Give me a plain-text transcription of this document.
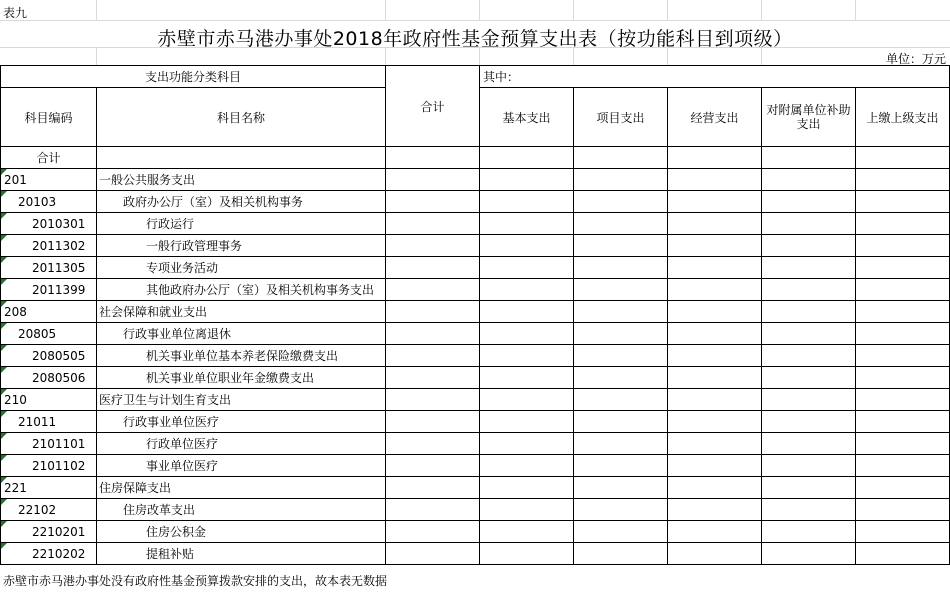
表九
赤壁市赤马港办事处2018年政府性基金预算支出表（按功能科目到项级）
单位：万元
支出功能分类科目		合计	其中：				
科目编码	科目名称		基本支出	项目支出	经营支出	对附属单位补助支出	上缴上级支出
合计							
201	一般公共服务支出						
20103	政府办公厅（室）及相关机构事务						
2010301	行政运行						
2011302	一般行政管理事务						
2011305	专项业务活动						
2011399	其他政府办公厅（室）及相关机构事务支出						
208	社会保障和就业支出						
20805	行政事业单位离退休						
2080505	机关事业单位基本养老保险缴费支出						
2080506	机关事业单位职业年金缴费支出						
210	医疗卫生与计划生育支出						
21011	行政事业单位医疗						
2101101	行政单位医疗						
2101102	事业单位医疗						
221	住房保障支出						
22102	住房改革支出						
2210201	住房公积金						
2210202	提租补贴						
赤壁市赤马港办事处没有政府性基金预算拨款安排的支出，故本表无数据
